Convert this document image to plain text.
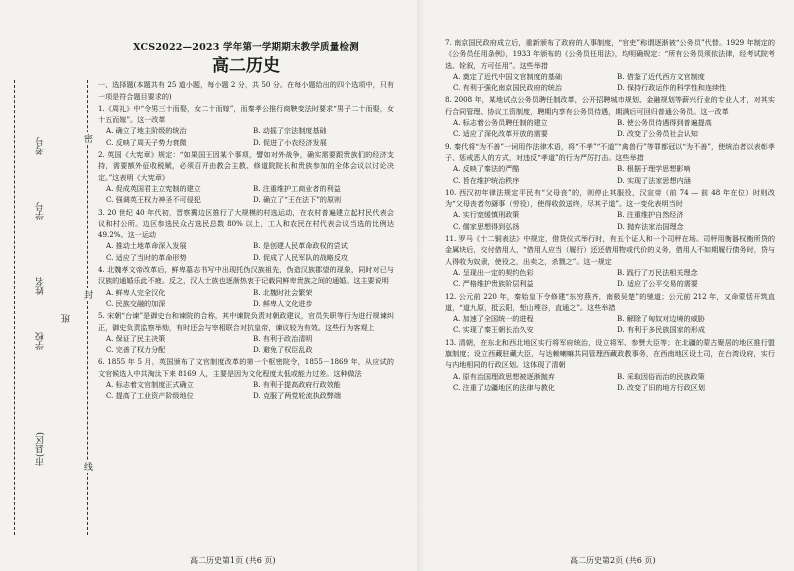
市(县区)
学校
姓名
学号
考号
班
密
封
线
XCS2022—2023 学年第一学期期末教学质量检测
高二历史

一、选择题(本题共有 25 道小题，每小题 2 分，共 50 分。在每小题给出的四个选项中，只有一项是符合题目要求的)

1.《周礼》中“令男三十而娶，女二十而嫁”，而秦孝公推行商鞅变法时要求“男子二十而娶，女十五而嫁”。这一改革

A. 确立了地主阶级的统治	B. 动摇了宗法制度基础
C. 反映了周天子势力衰微	D. 促进了小农经济发展

2. 英国《大宪章》规定：“如果国王因某个事项，譬如对外战争，确实需要跟贵族们的经济支持，需要额外征收税赋，必须召开由教会主教、修道院院长和贵族参加的全体会议以讨论决定。”这表明《大宪章》

A. 促成英国君主立宪制的建立	B. 注重维护工商业者的利益
C. 强调英王权力神圣不可侵犯	D. 确立了“王在法下”的原则

3. 20 世纪 40 年代初，晋察冀边区推行了大规模的村选运动，在农村普遍建立起村民代表会议和村公所。边区参选民众占选民总数 80% 以上，工人和农民在村代表会议当选的比例达 49.2%。这一运动

A. 推动土地革命深入发展	B. 是创建人民革命政权的尝试
C. 适应了当时的革命形势	D. 促成了人民军队的战略反攻

4. 北魏孝文帝改革后，鲜卑墓志书写中出现托伪汉族祖先，伪造汉族郡望的现象，同时对已与汉族的通婚乐此不疲。反之，汉人士族也逐渐热衷于记载同鲜卑贵族之间的通婚。这主要说明

A. 鲜卑人完全汉化	B. 北魏时社会繁荣
C. 民族交融的加深	D. 鲜卑人文化进步

5. 宋朝“台谏”是御史台和谏院的合称，其中谏院负责对朝政建议，官员失职等行为进行规谏纠正，御史负责监察举劾，有时还会与宰相联合对抗皇帝，谏议较为有效。这些行为客观上

A. 保证了民主决策	B. 有利于政治清明
C. 完善了权力分配	D. 避免了权臣乱政

6. 1855 年 5 月，英国颁布了文官制度改革的第一个枢密院令，1855－1869 年，从应试的文官候选人中共淘汰下来 8169 人，主要是因为文化程度太低或能力过差。这种做法

A. 标志着文官制度正式确立	B. 有利于提高政府行政效能
C. 提高了工业资产阶级地位	D. 克服了两党轮流执政弊端

7. 南京国民政府成立后，重新颁布了政府的人事制度，“官吏”称谓逐渐被“公务员”代替。1929 年制定的《公务员任用条例》，1933 年颁布的《公务员任用法》，均明确规定：“所有公务员须依法律，经考试院考选、铨叙，方可任用”。这些举措

A. 奠定了近代中国文官制度的基础	B. 借鉴了近代西方文官制度
C. 有利于强化南京国民政府的统治	D. 保持行政运作的科学性和连续性

8. 2008 年，某地试点公务员聘任制改革，公开招聘城市规划、金融规划等薪兴行业的专业人才，对其实行合同管理、协议工资制度，聘期内享有公务员待遇，期满后可回归普通公务员。这一改革

A. 标志着公务员聘任制的建立	B. 使公务员待遇得到普遍提高
C. 适应了深化改革开放的需要	D. 改变了公务员社会认知

9. 秦代将“为不善”一词用作法律术语，将“不孝”“不道”“禽兽行”等罪都冠以“为不善”，使统治者以表彰孝子、惩戒恶人的方式，对违反“孝道”的行为严厉打击。这些举措

A. 反映了秦法的严酷	B. 根据于理学思想影响
C. 旨在维护统治秩序	D. 实现了法家思想内涵

10. 西汉初年律法规定平民有“父母丧”的，则停止其服役，汉宣帝（前 74 — 前 48 年在位）时则改为“父母丧者勿繇事（劳役），使得收敛送终，尽其子道”。这一变化表明当时

A. 实行宽缓慎刑政策	B. 注重维护自然经济
C. 儒家思想得到弘扬	D. 抛弃法家治国理念

11. 罗马《十二铜表法》中规定，借贷仪式举行时，有五个证人和一个司秤在场。司秤用衡器权衡所贷的金属块后，交付借用人，“借用人应当（履行）还还借用物或代价的义务，借用人不如期履行债务时，贷与人得收为奴隶，使役之，出卖之，杀戮之”。这一规定

A. 呈现出一定的契约色彩	B. 践行了万民法相关理念
C. 严格维护贵族阶层利益	D. 适应了公平交易的需要

12. 公元前 220 年，秦始皇下令修建“东穷燕齐，南极吴楚”的驰道；公元前 212 年，又命蒙恬开筑直道，“道九原，抵云阳，堑山堙谷，直通之”。这些举措

A. 加速了全国统一的进程	B. 解除了匈奴对边境的威胁
C. 实现了秦王朝长治久安	D. 有利于多民族国家的形成

13. 清朝，在东北和西北地区实行将军府统治，设立将军、参赞大臣等；在北疆的蒙古聚居的地区推行盟旗制度；设立西藏驻藏大臣，与达赖喇嘛共同管理西藏政教事务，在西南地区设土司，在台湾设府，实行与内地相同的行政区划。这体现了清朝

A. 原有治国理政思想被逐渐抛弃	B. 采取因俗而治的民族政策
C. 注重了边疆地区的法律与教化	D. 改变了旧的地方行政区划
高二历史第1页 (共6 页)	高二历史第2页 (共6 页)
